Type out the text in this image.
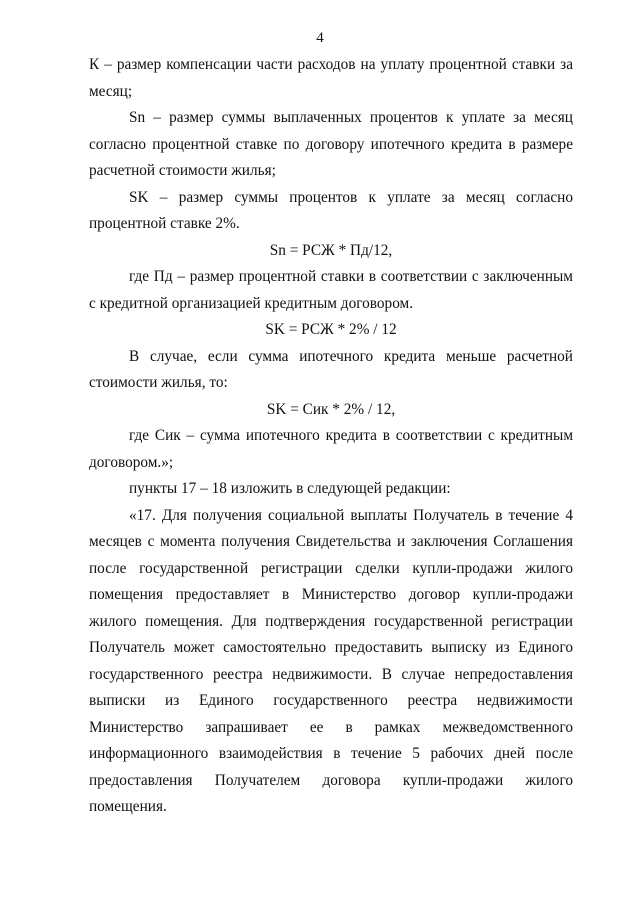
4

К – размер компенсации части расходов на уплату процентной ставки за месяц;

Sn – размер суммы выплаченных процентов к уплате за месяц согласно процентной ставке по договору ипотечного кредита в размере расчетной стоимости жилья;

SK – размер суммы процентов к уплате за месяц согласно процентной ставке 2%.

Sn = РСЖ * Пд/12,

где Пд – размер процентной ставки в соответствии с заключенным с кредитной организацией кредитным договором.

SK = РСЖ * 2% / 12

В случае, если сумма ипотечного кредита меньше расчетной стоимости жилья, то:

SK = Сик * 2% / 12,

где Сик – сумма ипотечного кредита в соответствии с кредитным договором.»;

пункты 17 – 18 изложить в следующей редакции:

«17. Для получения социальной выплаты Получатель в течение 4 месяцев с момента получения Свидетельства и заключения Соглашения после государственной регистрации сделки купли-продажи жилого помещения предоставляет в Министерство договор купли-продажи жилого помещения. Для подтверждения государственной регистрации Получатель может самостоятельно предоставить выписку из Единого государственного реестра недвижимости. В случае непредоставления выписки из Единого государственного реестра недвижимости Министерство запрашивает ее в рамках межведомственного информационного взаимодействия в течение 5 рабочих дней после предоставления Получателем договора купли-продажи жилого помещения.
